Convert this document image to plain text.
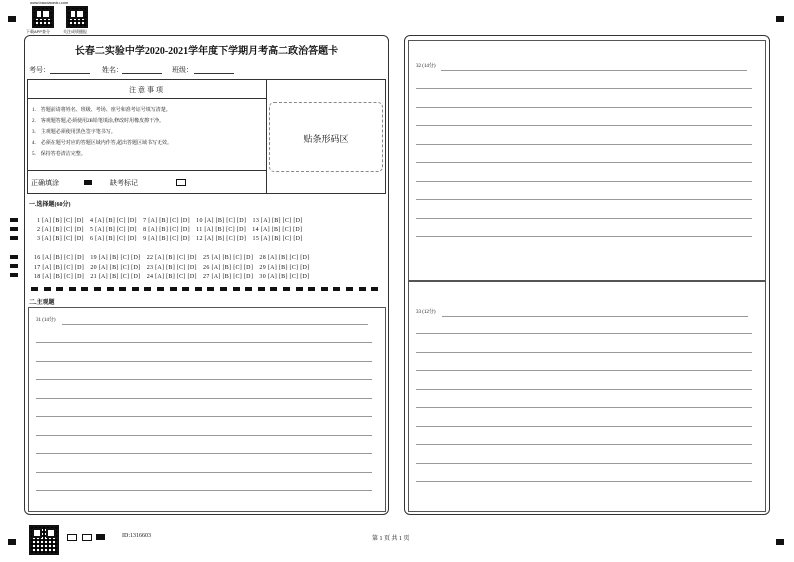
www.baodaoedu.com
下载APP查分	关注成绩播报
长春二实验中学2020-2021学年度下学期月考高二政治答题卡
考号：	姓名：	班级：
注意事项
1.　答题前请将姓名、班级、考场、座号和准考证号填写清楚。
2.　客观题答题,必须使用2B铅笔填涂,修改时用橡皮擦干净。
3.　主观题必须使用黑色签字笔书写。
4.　必须在题号对应的答题区域内作答,超出答题区域书写无效。
5.　保持答卷清洁完整。
正确填涂	缺考标记
贴条形码区
一.选择题(60分)
1 [A] [B] [C] [D]　4 [A] [B] [C] [D]　7 [A] [B] [C] [D]　10 [A] [B] [C] [D]　13 [A] [B] [C] [D]
2 [A] [B] [C] [D]　5 [A] [B] [C] [D]　8 [A] [B] [C] [D]　11 [A] [B] [C] [D]　14 [A] [B] [C] [D]
3 [A] [B] [C] [D]　6 [A] [B] [C] [D]　9 [A] [B] [C] [D]　12 [A] [B] [C] [D]　15 [A] [B] [C] [D]
16 [A] [B] [C] [D]　19 [A] [B] [C] [D]　22 [A] [B] [C] [D]　25 [A] [B] [C] [D]　28 [A] [B] [C] [D]
17 [A] [B] [C] [D]　20 [A] [B] [C] [D]　23 [A] [B] [C] [D]　26 [A] [B] [C] [D]　29 [A] [B] [C] [D]
18 [A] [B] [C] [D]　21 [A] [B] [C] [D]　24 [A] [B] [C] [D]　27 [A] [B] [C] [D]　30 [A] [B] [C] [D]
二.主观题
31 (14分)
32 (14分)
33 (12分)
ID:1316603	第 1 页 共 1 页
